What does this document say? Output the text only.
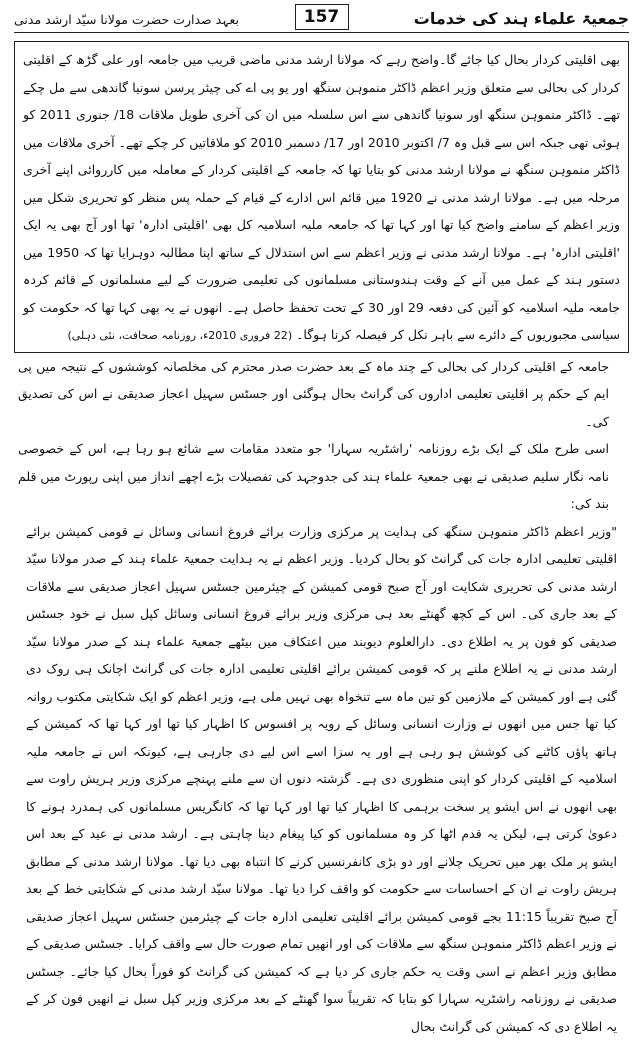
جمعیۃ علماء ہند کی خدمات
157
بعہد صدارت حضرت مولانا سیّد ارشد مدنی

بھی اقلیتی کردار بحال کیا جائے گا۔واضح رہے کہ مولانا ارشد مدنی ماضی قریب میں جامعہ اور علی گڑھ کے اقلیتی کردار کی بحالی سے متعلق وزیر اعظم ڈاکٹر منموہن سنگھ اور یو پی اے کی چیئر پرسن سونیا گاندھی سے مل چکے تھے۔ ڈاکٹر منموہن سنگھ اور سونیا گاندھی سے اس سلسلہ میں ان کی آخری طویل ملاقات 18/ جنوری 2011 کو ہوئی تھی جبکہ اس سے قبل وہ 7/ اکتوبر 2010 اور 17/ دسمبر 2010 کو ملاقاتیں کر چکے تھے۔ آخری ملاقات میں ڈاکٹر منموہن سنگھ نے مولانا ارشد مدنی کو بتایا تھا کہ جامعہ کے اقلیتی کردار کے معاملہ میں کارروائی اپنے آخری مرحلہ میں ہے۔ مولانا ارشد مدنی نے 1920 میں قائم اس ادارے کے قیام کے حملہ پس منظر کو تحریری شکل میں وزیر اعظم کے سامنے واضح کیا تھا اور کہا تھا کہ جامعہ ملیہ اسلامیہ کل بھی 'اقلیتی ادارہ' تھا اور آج بھی یہ ایک 'اقلیتی ادارہ' ہے۔ مولانا ارشد مدنی نے وزیر اعظم سے اس استدلال کے ساتھ اپنا مطالبہ دوہرایا تھا کہ 1950 میں دستور ہند کے عمل میں آنے کے وقت ہندوستانی مسلمانوں کی تعلیمی ضرورت کے لیے مسلمانوں کے قائم کردہ جامعہ ملیہ اسلامیہ کو آئین کی دفعہ 29 اور 30 کے تحت تحفظ حاصل ہے۔ انھوں نے یہ بھی کہا تھا کہ حکومت کو سیاسی مجبوریوں کے دائرے سے باہر نکل کر فیصلہ کرنا ہوگا۔ (22 فروری 2010ء، روزنامہ صحافت، نئی دہلی)

جامعہ کے اقلیتی کردار کی بحالی کے چند ماہ کے بعد حضرت صدر محترم کی مخلصانہ کوششوں کے نتیجہ میں پی ایم کے حکم پر اقلیتی تعلیمی اداروں کی گرانٹ بحال ہوگئی اور جسٹس سہیل اعجاز صدیقی نے اس کی تصدیق کی۔

اسی طرح ملک کے ایک بڑے روزنامہ 'راشٹریہ سہارا' جو متعدد مقامات سے شائع ہو رہا ہے، اس کے خصوصی نامہ نگار سلیم صدیقی نے بھی جمعیۃ علماء ہند کی جدوجہد کی تفصیلات بڑے اچھے انداز میں اپنی رپورٹ میں قلم بند کی:

"وزیر اعظم ڈاکٹر منموہن سنگھ کی ہدایت پر مرکزی وزارت برائے فروغ انسانی وسائل نے قومی کمیشن برائے اقلیتی تعلیمی ادارہ جات کی گرانٹ کو بحال کردیا۔ وزیر اعظم نے یہ ہدایت جمعیۃ علماء ہند کے صدر مولانا سیّد ارشد مدنی کی تحریری شکایت اور آج صبح قومی کمیشن کے چیئرمین جسٹس سہیل اعجاز صدیقی سے ملاقات کے بعد جاری کی۔ اس کے کچھ گھنٹے بعد ہی مرکزی وزیر برائے فروغ انسانی وسائل کپل سبل نے خود جسٹس صدیقی کو فون پر یہ اطلاع دی۔ دارالعلوم دیوبند میں اعتکاف میں بیٹھے جمعیۃ علماء ہند کے صدر مولانا سیّد ارشد مدنی نے یہ اطلاع ملنے پر کہ قومی کمیشن برائے اقلیتی تعلیمی ادارہ جات کی گرانٹ اچانک ہی روک دی گئی ہے اور کمیشن کے ملازمین کو تین ماہ سے تنخواہ بھی نہیں ملی ہے، وزیر اعظم کو ایک شکایتی مکتوب روانہ کیا تھا جس میں انھوں نے وزارت انسانی وسائل کے رویہ پر افسوس کا اظہار کیا تھا اور کہا تھا کہ کمیشن کے ہاتھ پاؤں کاٹنے کی کوشش ہو رہی ہے اور یہ سزا اسے اس لیے دی جارہی ہے، کیونکہ اس نے جامعہ ملیہ اسلامیہ کے اقلیتی کردار کو اپنی منظوری دی ہے۔ گزشتہ دنوں ان سے ملنے پہنچے مرکزی وزیر ہریش راوت سے بھی انھوں نے اس ایشو پر سخت برہمی کا اظہار کیا تھا اور کہا تھا کہ کانگریس مسلمانوں کی ہمدرد ہونے کا دعویٰ کرتی ہے، لیکن یہ قدم اٹھا کر وہ مسلمانوں کو کیا پیغام دینا چاہتی ہے۔ ارشد مدنی نے عید کے بعد اس ایشو پر ملک بھر میں تحریک چلانے اور دو بڑی کانفرنسیں کرنے کا انتباہ بھی دیا تھا۔ مولانا ارشد مدنی کے مطابق ہریش راوت نے ان کے احساسات سے حکومت کو واقف کرا دیا تھا۔ مولانا سیّد ارشد مدنی کے شکایتی خط کے بعد آج صبح تقریباً 11:15 بجے قومی کمیشن برائے اقلیتی تعلیمی ادارہ جات کے چیئرمین جسٹس سہیل اعجاز صدیقی نے وزیر اعظم ڈاکٹر منموہن سنگھ سے ملاقات کی اور انھیں تمام صورت حال سے واقف کرایا۔ جسٹس صدیقی کے مطابق وزیر اعظم نے اسی وقت یہ حکم جاری کر دیا ہے کہ کمیشن کی گرانٹ کو فوراً بحال کیا جائے۔ جسٹس صدیقی نے روزنامہ راشٹریہ سہارا کو بتایا کہ تقریباً سوا گھنٹے کے بعد مرکزی وزیر کپل سبل نے انھیں فون کر کے یہ اطلاع دی کہ کمیشن کی گرانٹ بحال
